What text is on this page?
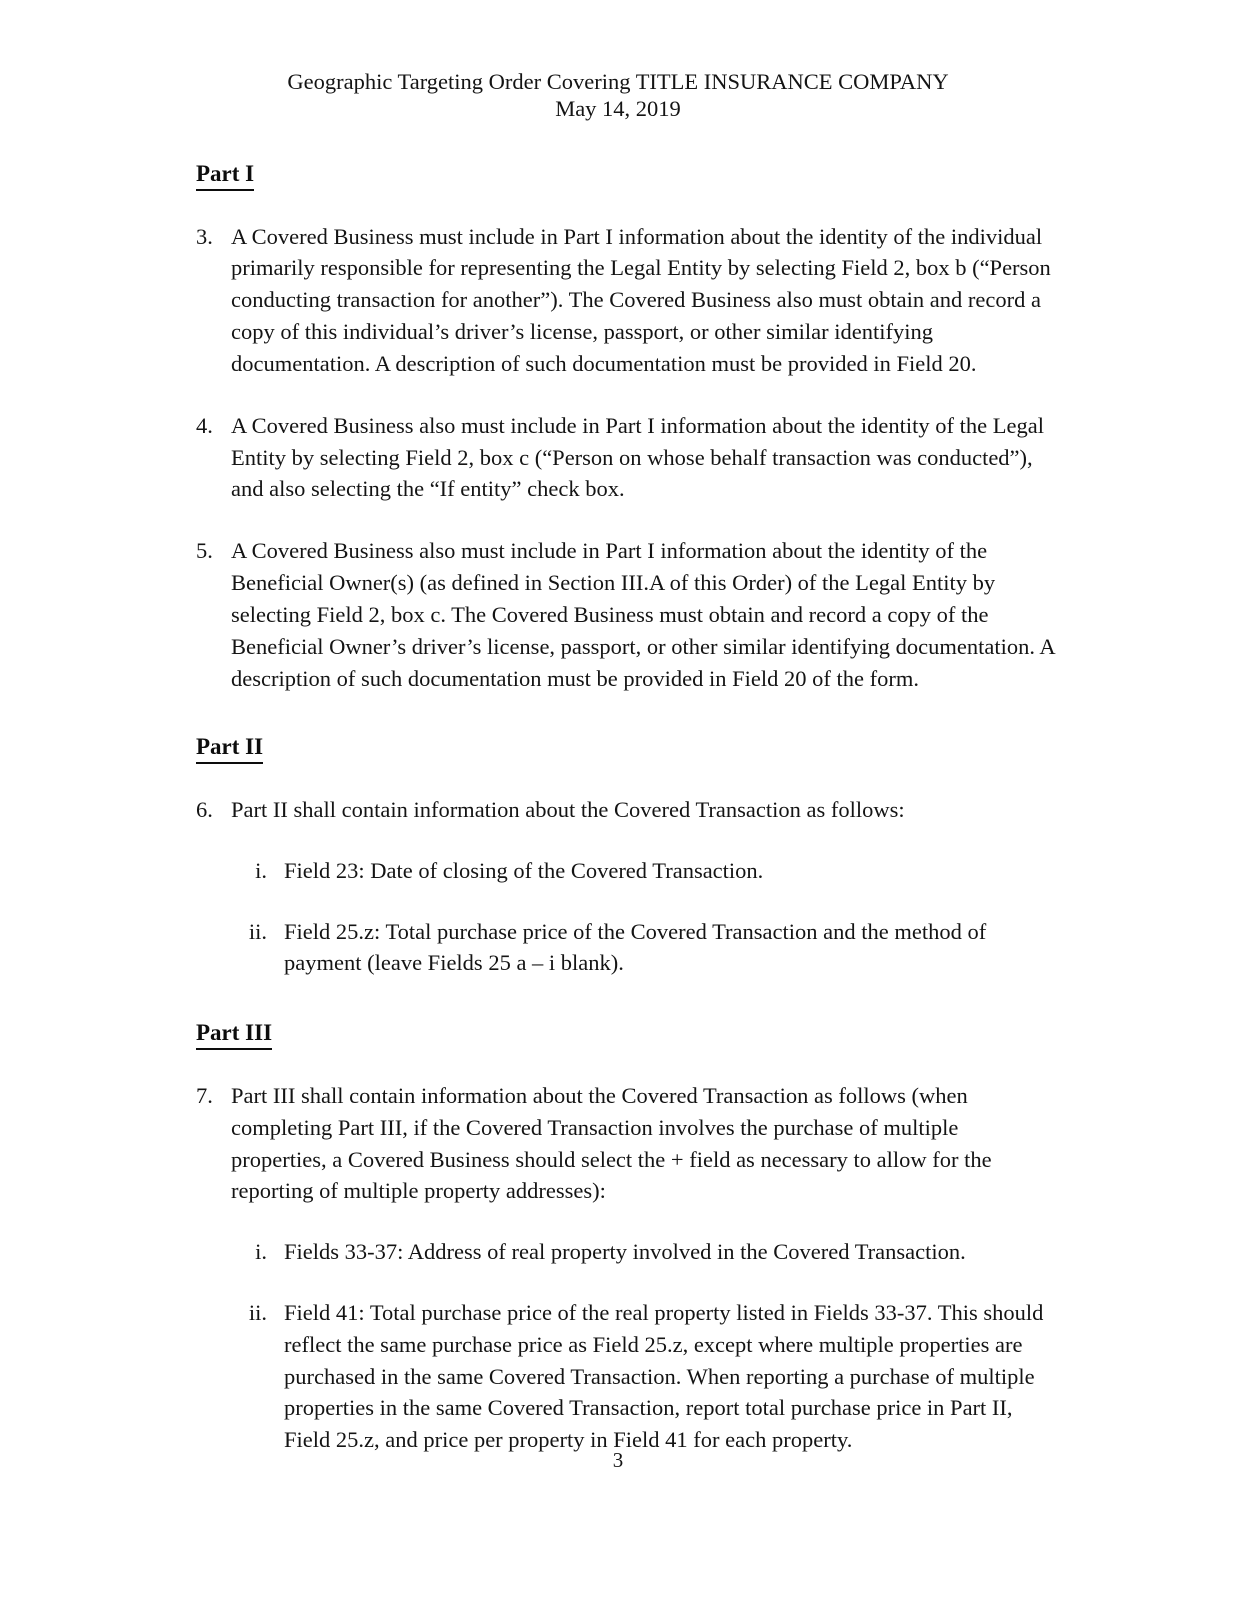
Geographic Targeting Order Covering TITLE INSURANCE COMPANY
May 14, 2019
Part I
3. A Covered Business must include in Part I information about the identity of the individual primarily responsible for representing the Legal Entity by selecting Field 2, box b (“Person conducting transaction for another”). The Covered Business also must obtain and record a copy of this individual’s driver’s license, passport, or other similar identifying documentation. A description of such documentation must be provided in Field 20.
4. A Covered Business also must include in Part I information about the identity of the Legal Entity by selecting Field 2, box c (“Person on whose behalf transaction was conducted”), and also selecting the “If entity” check box.
5. A Covered Business also must include in Part I information about the identity of the Beneficial Owner(s) (as defined in Section III.A of this Order) of the Legal Entity by selecting Field 2, box c. The Covered Business must obtain and record a copy of the Beneficial Owner’s driver’s license, passport, or other similar identifying documentation. A description of such documentation must be provided in Field 20 of the form.
Part II
6. Part II shall contain information about the Covered Transaction as follows:
i. Field 23: Date of closing of the Covered Transaction.
ii. Field 25.z: Total purchase price of the Covered Transaction and the method of payment (leave Fields 25 a – i blank).
Part III
7. Part III shall contain information about the Covered Transaction as follows (when completing Part III, if the Covered Transaction involves the purchase of multiple properties, a Covered Business should select the + field as necessary to allow for the reporting of multiple property addresses):
i. Fields 33-37: Address of real property involved in the Covered Transaction.
ii. Field 41: Total purchase price of the real property listed in Fields 33-37. This should reflect the same purchase price as Field 25.z, except where multiple properties are purchased in the same Covered Transaction. When reporting a purchase of multiple properties in the same Covered Transaction, report total purchase price in Part II, Field 25.z, and price per property in Field 41 for each property.
3
